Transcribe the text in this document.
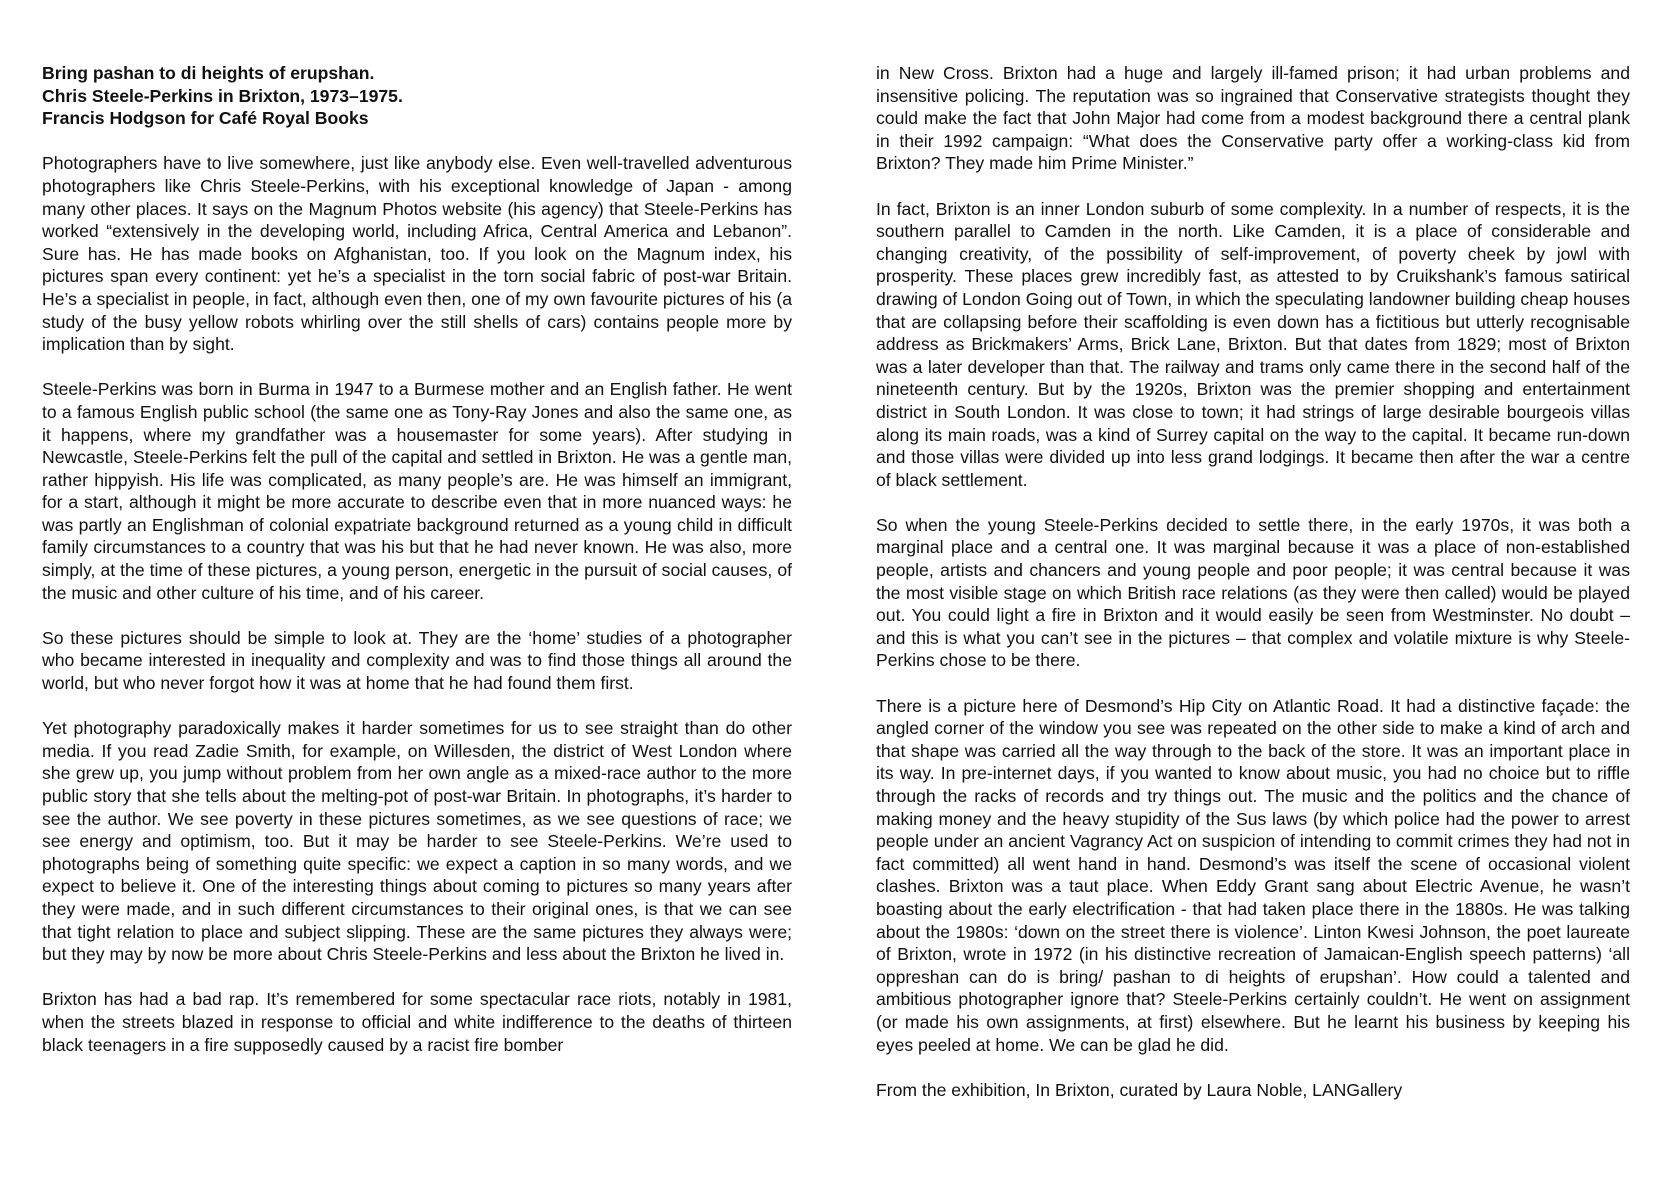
Bring pashan to di heights of erupshan.
Chris Steele-Perkins in Brixton, 1973–1975.
Francis Hodgson for Café Royal Books

Photographers have to live somewhere, just like anybody else. Even well-travelled adventurous photographers like Chris Steele-Perkins, with his exceptional knowledge of Japan - among many other places. It says on the Magnum Photos website (his agency) that Steele-Perkins has worked “extensively in the developing world, including Africa, Central America and Lebanon”. Sure has. He has made books on Afghanistan, too. If you look on the Magnum index, his pictures span every continent: yet he’s a specialist in the torn social fabric of post-war Britain. He’s a specialist in people, in fact, although even then, one of my own favourite pictures of his (a study of the busy yellow robots whirling over the still shells of cars) contains people more by implication than by sight.

Steele-Perkins was born in Burma in 1947 to a Burmese mother and an English father. He went to a famous English public school (the same one as Tony-Ray Jones and also the same one, as it happens, where my grandfather was a housemaster for some years). After studying in Newcastle, Steele-Perkins felt the pull of the capital and settled in Brixton. He was a gentle man, rather hippyish. His life was complicated, as many people’s are. He was himself an immigrant, for a start, although it might be more accurate to describe even that in more nuanced ways: he was partly an Englishman of colonial expatriate background returned as a young child in difficult family circumstances to a country that was his but that he had never known. He was also, more simply, at the time of these pictures, a young person, energetic in the pursuit of social causes, of the music and other culture of his time, and of his career.

So these pictures should be simple to look at. They are the ‘home’ studies of a photographer who became interested in inequality and complexity and was to find those things all around the world, but who never forgot how it was at home that he had found them first.

Yet photography paradoxically makes it harder sometimes for us to see straight than do other media. If you read Zadie Smith, for example, on Willesden, the district of West London where she grew up, you jump without problem from her own angle as a mixed-race author to the more public story that she tells about the melting-pot of post-war Britain. In photographs, it’s harder to see the author. We see poverty in these pictures sometimes, as we see questions of race; we see energy and optimism, too. But it may be harder to see Steele-Perkins. We’re used to photographs being of something quite specific: we expect a caption in so many words, and we expect to believe it. One of the interesting things about coming to pictures so many years after they were made, and in such different circumstances to their original ones, is that we can see that tight relation to place and subject slipping. These are the same pictures they always were; but they may by now be more about Chris Steele-Perkins and less about the Brixton he lived in.

Brixton has had a bad rap. It’s remembered for some spectacular race riots, notably in 1981, when the streets blazed in response to official and white indifference to the deaths of thirteen black teenagers in a fire supposedly caused by a racist fire bomber

in New Cross. Brixton had a huge and largely ill-famed prison; it had urban problems and insensitive policing. The reputation was so ingrained that Conservative strategists thought they could make the fact that John Major had come from a modest background there a central plank in their 1992 campaign: “What does the Conservative party offer a working-class kid from Brixton? They made him Prime Minister.”

In fact, Brixton is an inner London suburb of some complexity. In a number of respects, it is the southern parallel to Camden in the north. Like Camden, it is a place of considerable and changing creativity, of the possibility of self-improvement, of poverty cheek by jowl with prosperity. These places grew incredibly fast, as attested to by Cruikshank’s famous satirical drawing of London Going out of Town, in which the speculating landowner building cheap houses that are collapsing before their scaffolding is even down has a fictitious but utterly recognisable address as Brickmakers’ Arms, Brick Lane, Brixton. But that dates from 1829; most of Brixton was a later developer than that. The railway and trams only came there in the second half of the nineteenth century. But by the 1920s, Brixton was the premier shopping and entertainment district in South London. It was close to town; it had strings of large desirable bourgeois villas along its main roads, was a kind of Surrey capital on the way to the capital. It became run-down and those villas were divided up into less grand lodgings. It became then after the war a centre of black settlement.

So when the young Steele-Perkins decided to settle there, in the early 1970s, it was both a marginal place and a central one. It was marginal because it was a place of non-established people, artists and chancers and young people and poor people; it was central because it was the most visible stage on which British race relations (as they were then called) would be played out. You could light a fire in Brixton and it would easily be seen from Westminster. No doubt – and this is what you can’t see in the pictures – that complex and volatile mixture is why Steele-Perkins chose to be there.

There is a picture here of Desmond’s Hip City on Atlantic Road. It had a distinctive façade: the angled corner of the window you see was repeated on the other side to make a kind of arch and that shape was carried all the way through to the back of the store. It was an important place in its way. In pre-internet days, if you wanted to know about music, you had no choice but to riffle through the racks of records and try things out. The music and the politics and the chance of making money and the heavy stupidity of the Sus laws (by which police had the power to arrest people under an ancient Vagrancy Act on suspicion of intending to commit crimes they had not in fact committed) all went hand in hand. Desmond’s was itself the scene of occasional violent clashes. Brixton was a taut place. When Eddy Grant sang about Electric Avenue, he wasn’t boasting about the early electrification - that had taken place there in the 1880s. He was talking about the 1980s: ‘down on the street there is violence’. Linton Kwesi Johnson, the poet laureate of Brixton, wrote in 1972 (in his distinctive recreation of Jamaican-English speech patterns) ‘all oppreshan can do is bring/ pashan to di heights of erupshan’. How could a talented and ambitious photographer ignore that? Steele-Perkins certainly couldn’t. He went on assignment (or made his own assignments, at first) elsewhere. But he learnt his business by keeping his eyes peeled at home. We can be glad he did.

From the exhibition, In Brixton, curated by Laura Noble, LANGallery
